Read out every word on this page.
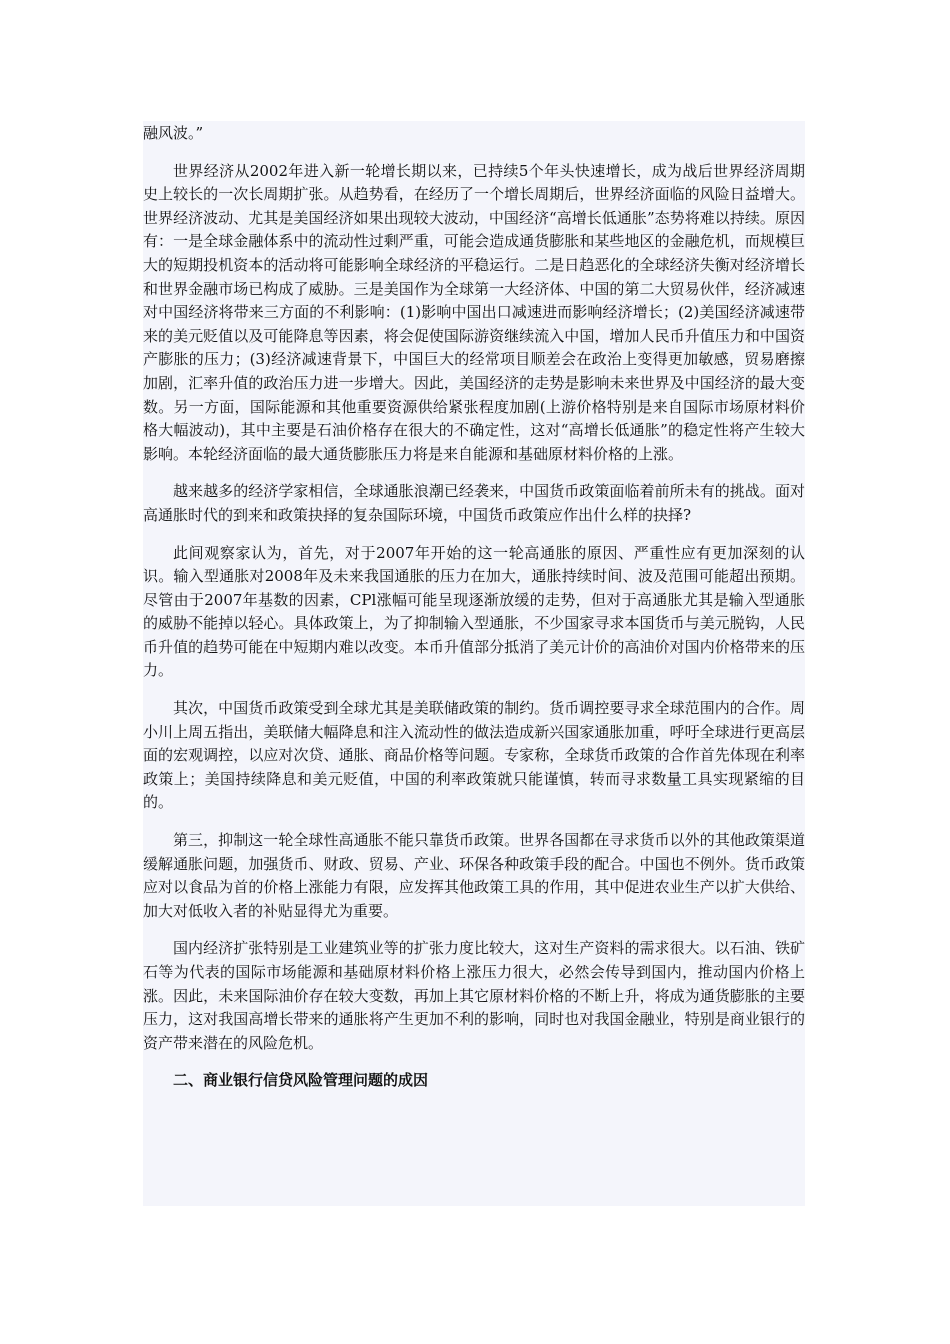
融风波。”

世界经济从2002年进入新一轮增长期以来，已持续5个年头快速增长，成为战后世界经济周期史上较长的一次长周期扩张。从趋势看，在经历了一个增长周期后，世界经济面临的风险日益增大。世界经济波动、尤其是美国经济如果出现较大波动，中国经济“高增长低通胀”态势将难以持续。原因有：一是全球金融体系中的流动性过剩严重，可能会造成通货膨胀和某些地区的金融危机，而规模巨大的短期投机资本的活动将可能影响全球经济的平稳运行。二是日趋恶化的全球经济失衡对经济增长和世界金融市场已构成了威胁。三是美国作为全球第一大经济体、中国的第二大贸易伙伴，经济减速对中国经济将带来三方面的不利影响：(1)影响中国出口减速进而影响经济增长；(2)美国经济减速带来的美元贬值以及可能降息等因素，将会促使国际游资继续流入中国，增加人民币升值压力和中国资产膨胀的压力；(3)经济减速背景下，中国巨大的经常项目顺差会在政治上变得更加敏感，贸易磨擦加剧，汇率升值的政治压力进一步增大。因此，美国经济的走势是影响未来世界及中国经济的最大变数。另一方面，国际能源和其他重要资源供给紧张程度加剧(上游价格特别是来自国际市场原材料价格大幅波动)，其中主要是石油价格存在很大的不确定性，这对“高增长低通胀”的稳定性将产生较大影响。本轮经济面临的最大通货膨胀压力将是来自能源和基础原材料价格的上涨。

越来越多的经济学家相信，全球通胀浪潮已经袭来，中国货币政策面临着前所未有的挑战。面对高通胀时代的到来和政策抉择的复杂国际环境，中国货币政策应作出什么样的抉择?

此间观察家认为，首先，对于2007年开始的这一轮高通胀的原因、严重性应有更加深刻的认识。输入型通胀对2008年及未来我国通胀的压力在加大，通胀持续时间、波及范围可能超出预期。尽管由于2007年基数的因素，CPl涨幅可能呈现逐渐放缓的走势，但对于高通胀尤其是输入型通胀的威胁不能掉以轻心。具体政策上，为了抑制输入型通胀，不少国家寻求本国货币与美元脱钩，人民币升值的趋势可能在中短期内难以改变。本币升值部分抵消了美元计价的高油价对国内价格带来的压力。

其次，中国货币政策受到全球尤其是美联储政策的制约。货币调控要寻求全球范围内的合作。周小川上周五指出，美联储大幅降息和注入流动性的做法造成新兴国家通胀加重，呼吁全球进行更高层面的宏观调控，以应对次贷、通胀、商品价格等问题。专家称，全球货币政策的合作首先体现在利率政策上；美国持续降息和美元贬值，中国的利率政策就只能谨慎，转而寻求数量工具实现紧缩的目的。

第三，抑制这一轮全球性高通胀不能只靠货币政策。世界各国都在寻求货币以外的其他政策渠道缓解通胀问题，加强货币、财政、贸易、产业、环保各种政策手段的配合。中国也不例外。货币政策应对以食品为首的价格上涨能力有限，应发挥其他政策工具的作用，其中促进农业生产以扩大供给、加大对低收入者的补贴显得尤为重要。

国内经济扩张特别是工业建筑业等的扩张力度比较大，这对生产资料的需求很大。以石油、铁矿石等为代表的国际市场能源和基础原材料价格上涨压力很大，必然会传导到国内，推动国内价格上涨。因此，未来国际油价存在较大变数，再加上其它原材料价格的不断上升，将成为通货膨胀的主要压力，这对我国高增长带来的通胀将产生更加不利的影响，同时也对我国金融业，特别是商业银行的资产带来潜在的风险危机。

二、商业银行信贷风险管理问题的成因
